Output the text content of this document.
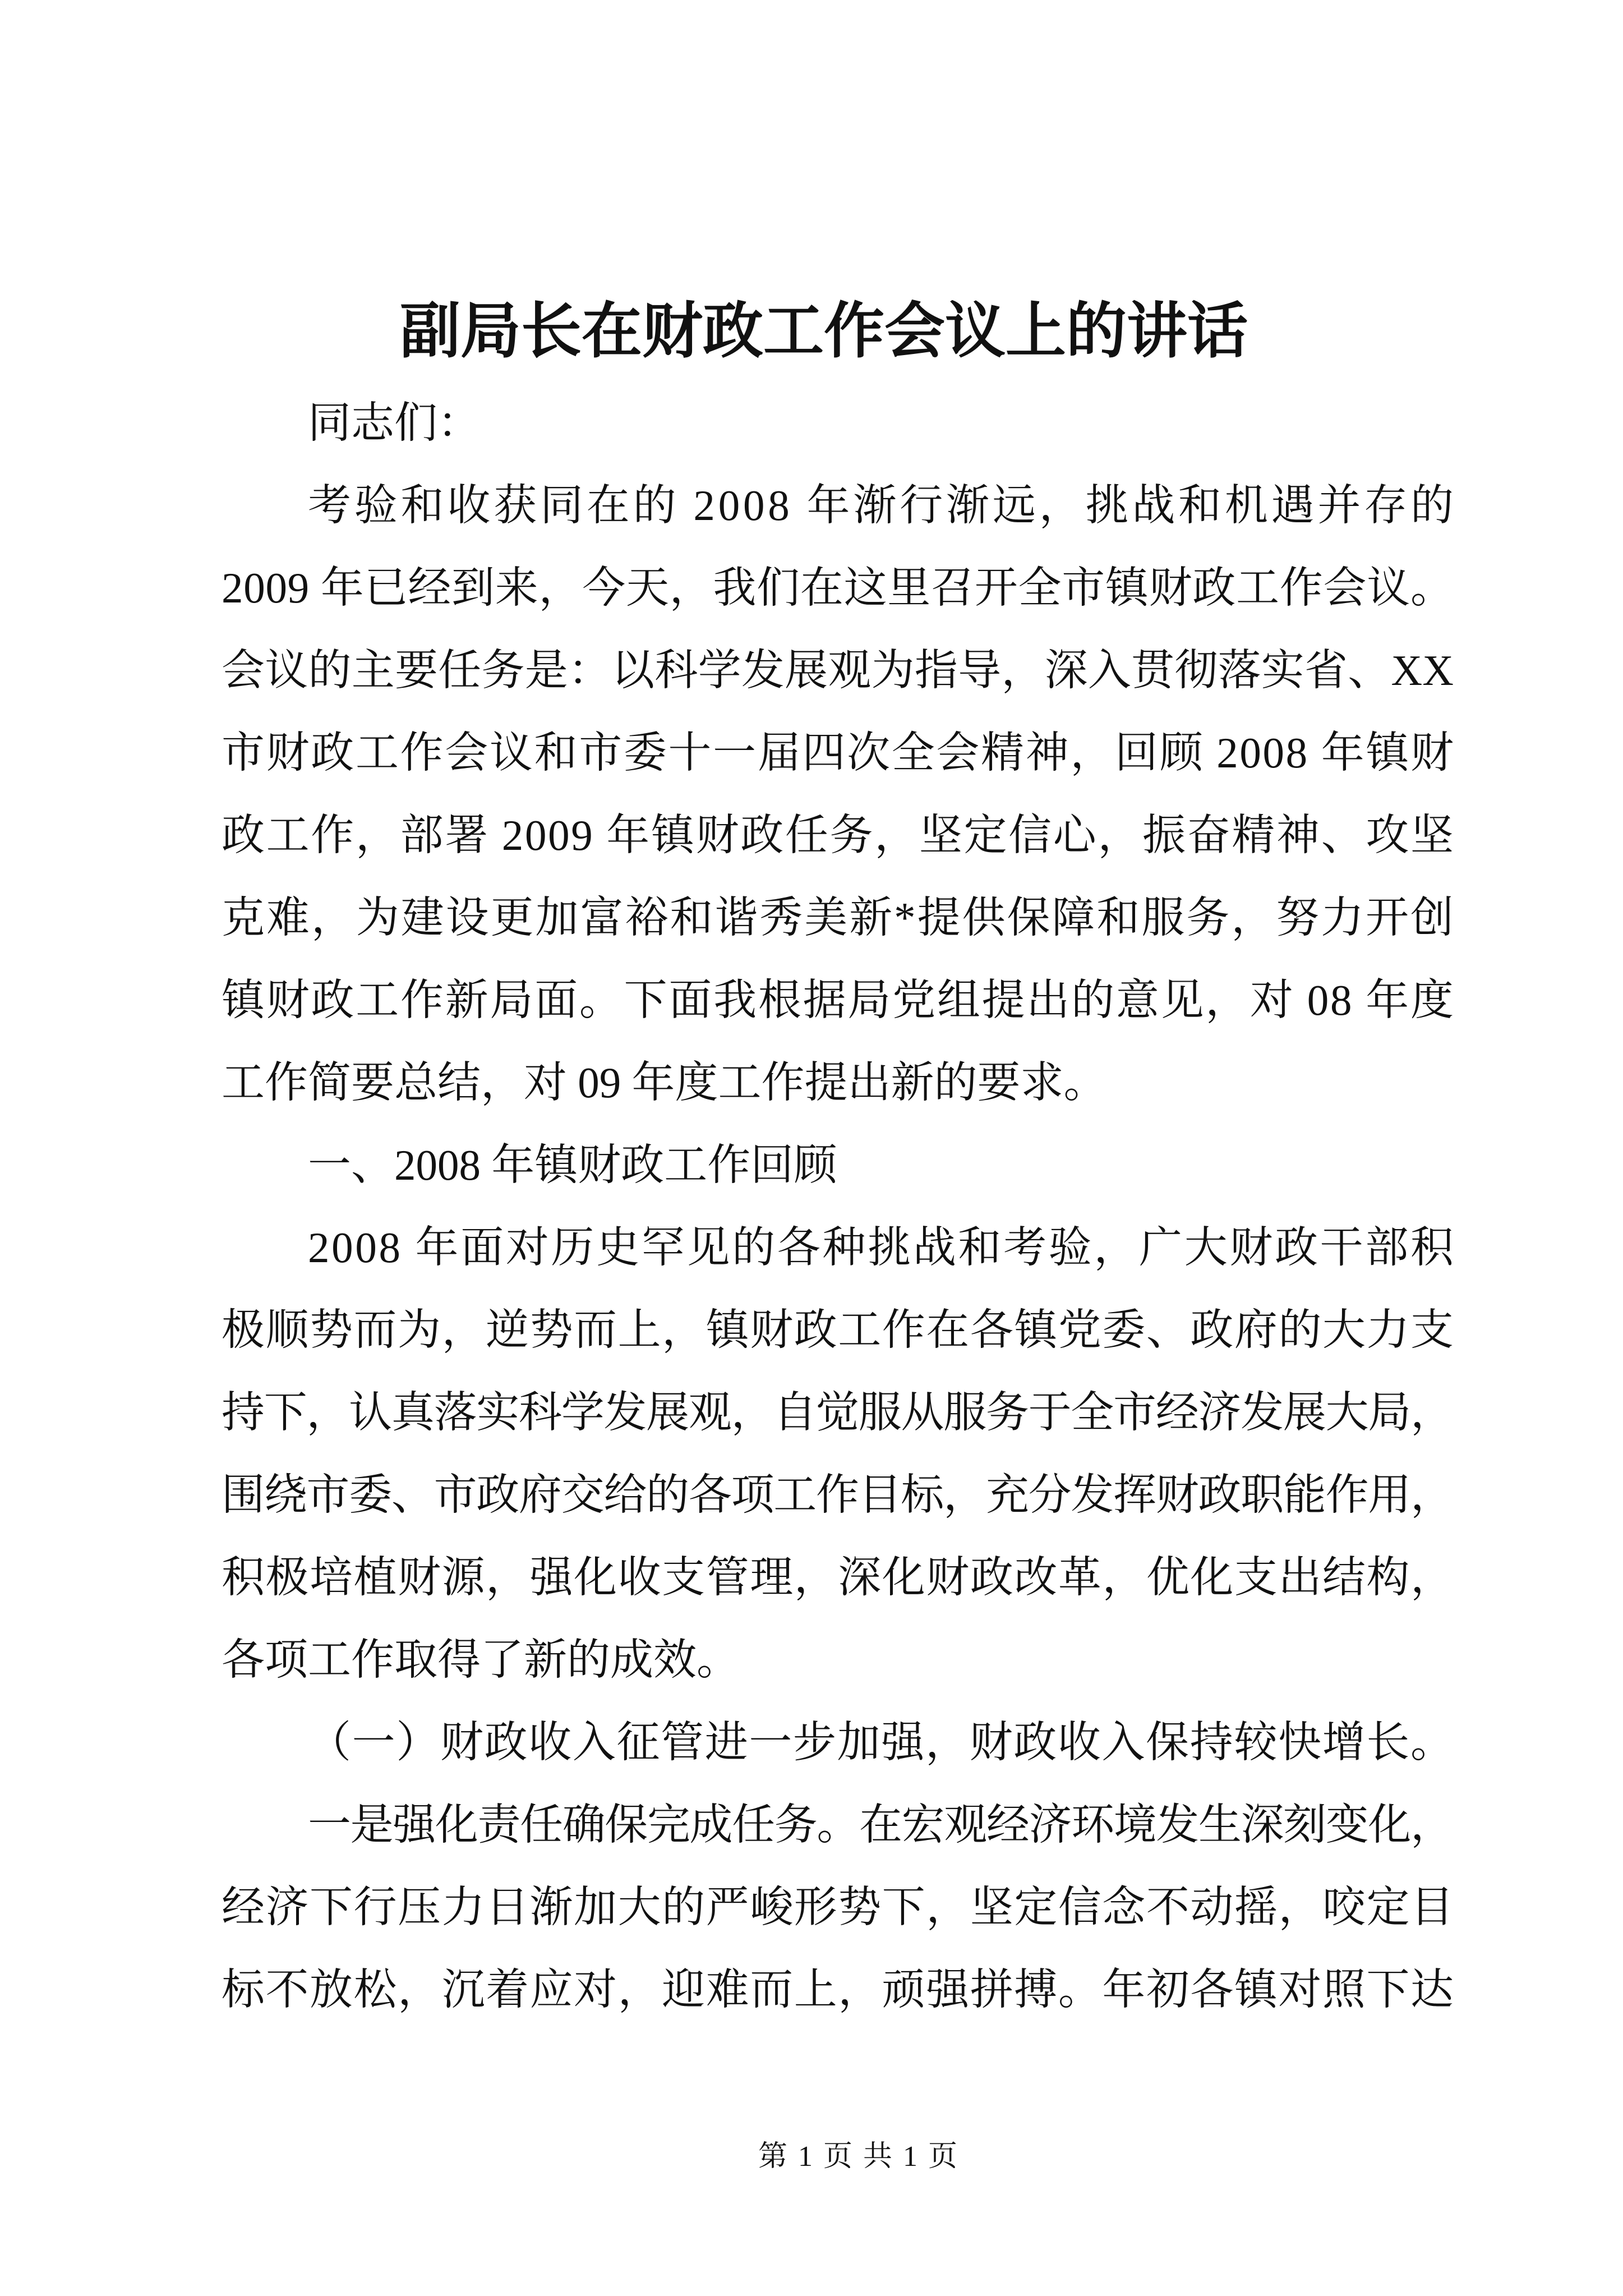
副局长在财政工作会议上的讲话
同志们：
考验和收获同在的 2008 年渐行渐远，挑战和机遇并存的
2009 年已经到来，今天，我们在这里召开全市镇财政工作会议。
会议的主要任务是：以科学发展观为指导，深入贯彻落实省、XX
市财政工作会议和市委十一届四次全会精神，回顾 2008 年镇财
政工作，部署 2009 年镇财政任务，坚定信心，振奋精神、攻坚
克难，为建设更加富裕和谐秀美新*提供保障和服务，努力开创
镇财政工作新局面。下面我根据局党组提出的意见，对 08 年度
工作简要总结，对 09 年度工作提出新的要求。
一、2008 年镇财政工作回顾
2008 年面对历史罕见的各种挑战和考验，广大财政干部积
极顺势而为，逆势而上，镇财政工作在各镇党委、政府的大力支
持下，认真落实科学发展观，自觉服从服务于全市经济发展大局，
围绕市委、市政府交给的各项工作目标，充分发挥财政职能作用，
积极培植财源，强化收支管理，深化财政改革，优化支出结构，
各项工作取得了新的成效。
（一）财政收入征管进一步加强，财政收入保持较快增长。
一是强化责任确保完成任务。在宏观经济环境发生深刻变化，
经济下行压力日渐加大的严峻形势下，坚定信念不动摇，咬定目
标不放松，沉着应对，迎难而上，顽强拼搏。年初各镇对照下达
第 1 页 共 1 页
